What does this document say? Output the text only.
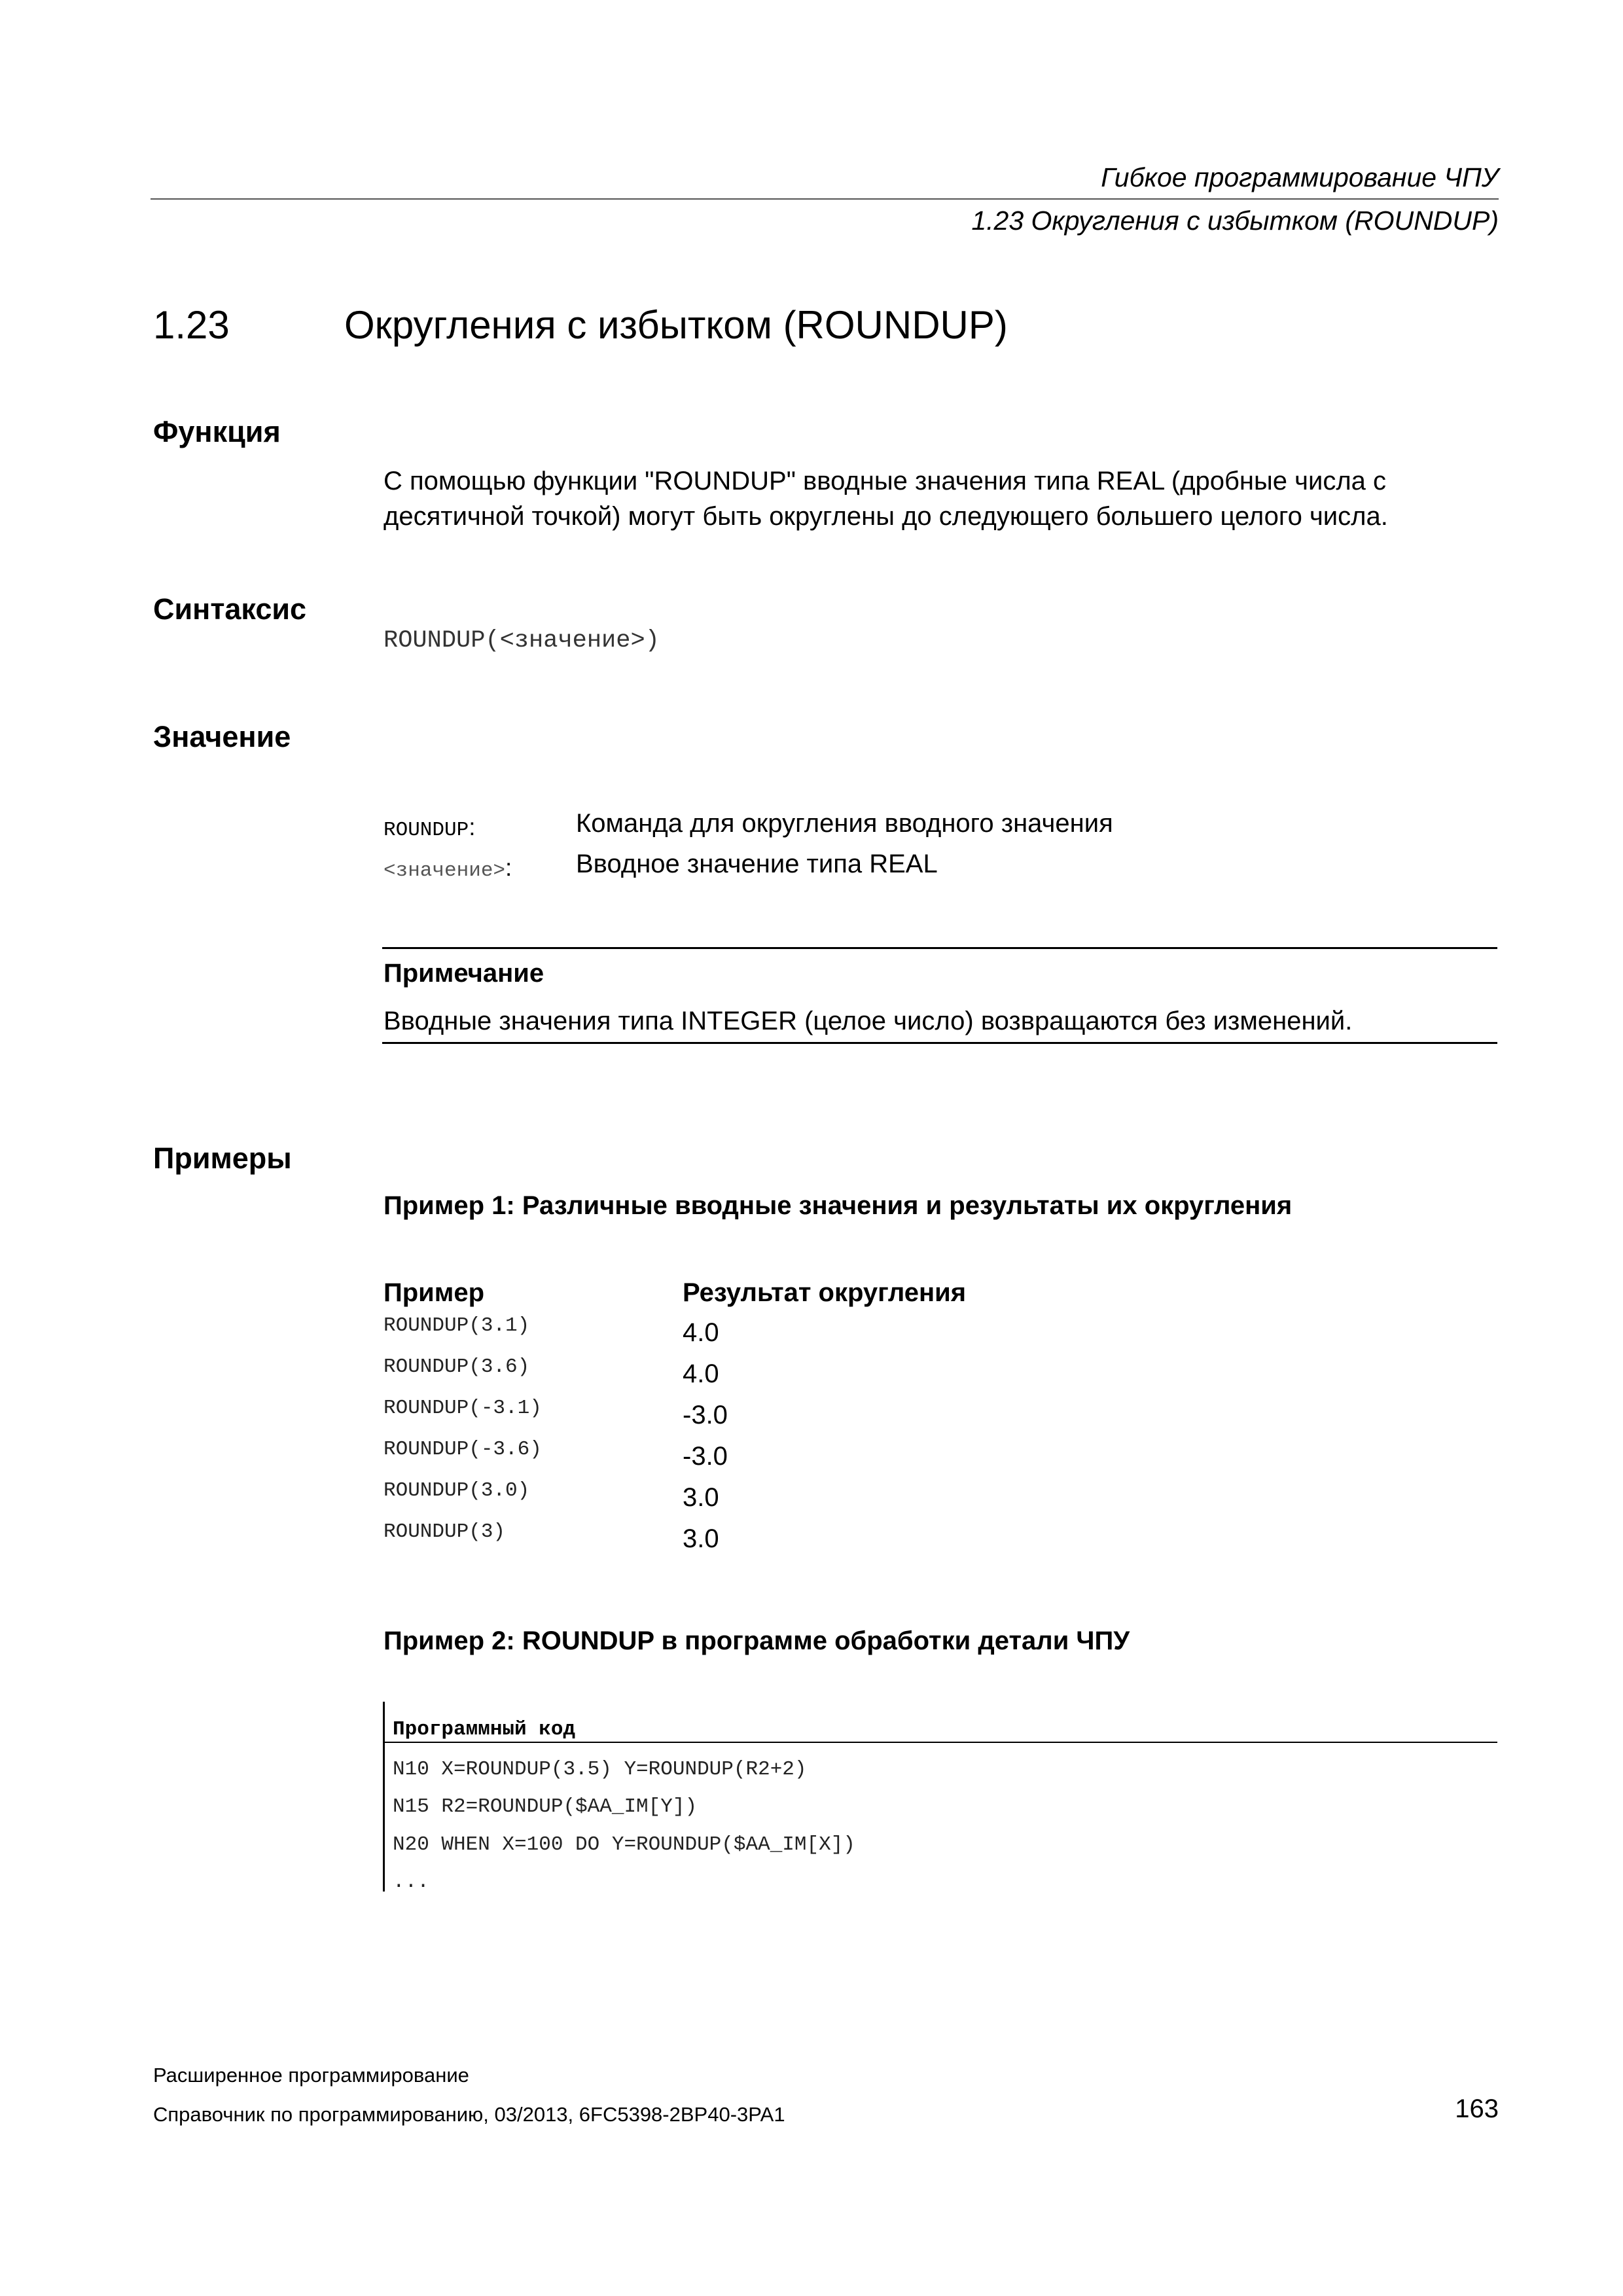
Гибкое программирование ЧПУ
1.23 Округления с избытком (ROUNDUP)
1.23	Округления с избытком (ROUNDUP)
Функция
С помощью функции "ROUNDUP" вводные значения типа REAL (дробные числа с десятичной точкой) могут быть округлены до следующего большего целого числа.
Синтаксис
ROUNDUP(<значение>)
Значение
ROUNDUP:	Команда для округления вводного значения
<значение>: Вводное значение типа REAL
Примечание
Вводные значения типа INTEGER (целое число) возвращаются без изменений.
Примеры
Пример 1: Различные вводные значения и результаты их округления
Пример	Результат округления
ROUNDUP(3.1)	4.0
ROUNDUP(3.6)	4.0
ROUNDUP(-3.1)	-3.0
ROUNDUP(-3.6)	-3.0
ROUNDUP(3.0)	3.0
ROUNDUP(3)	3.0
Пример 2: ROUNDUP в программе обработки детали ЧПУ
Программный код
N10 X=ROUNDUP(3.5) Y=ROUNDUP(R2+2)
N15 R2=ROUNDUP($AA_IM[Y])
N20 WHEN X=100 DO Y=ROUNDUP($AA_IM[X])
...
Расширенное программирование
Справочник по программированию, 03/2013, 6FC5398-2BP40-3PA1	163
